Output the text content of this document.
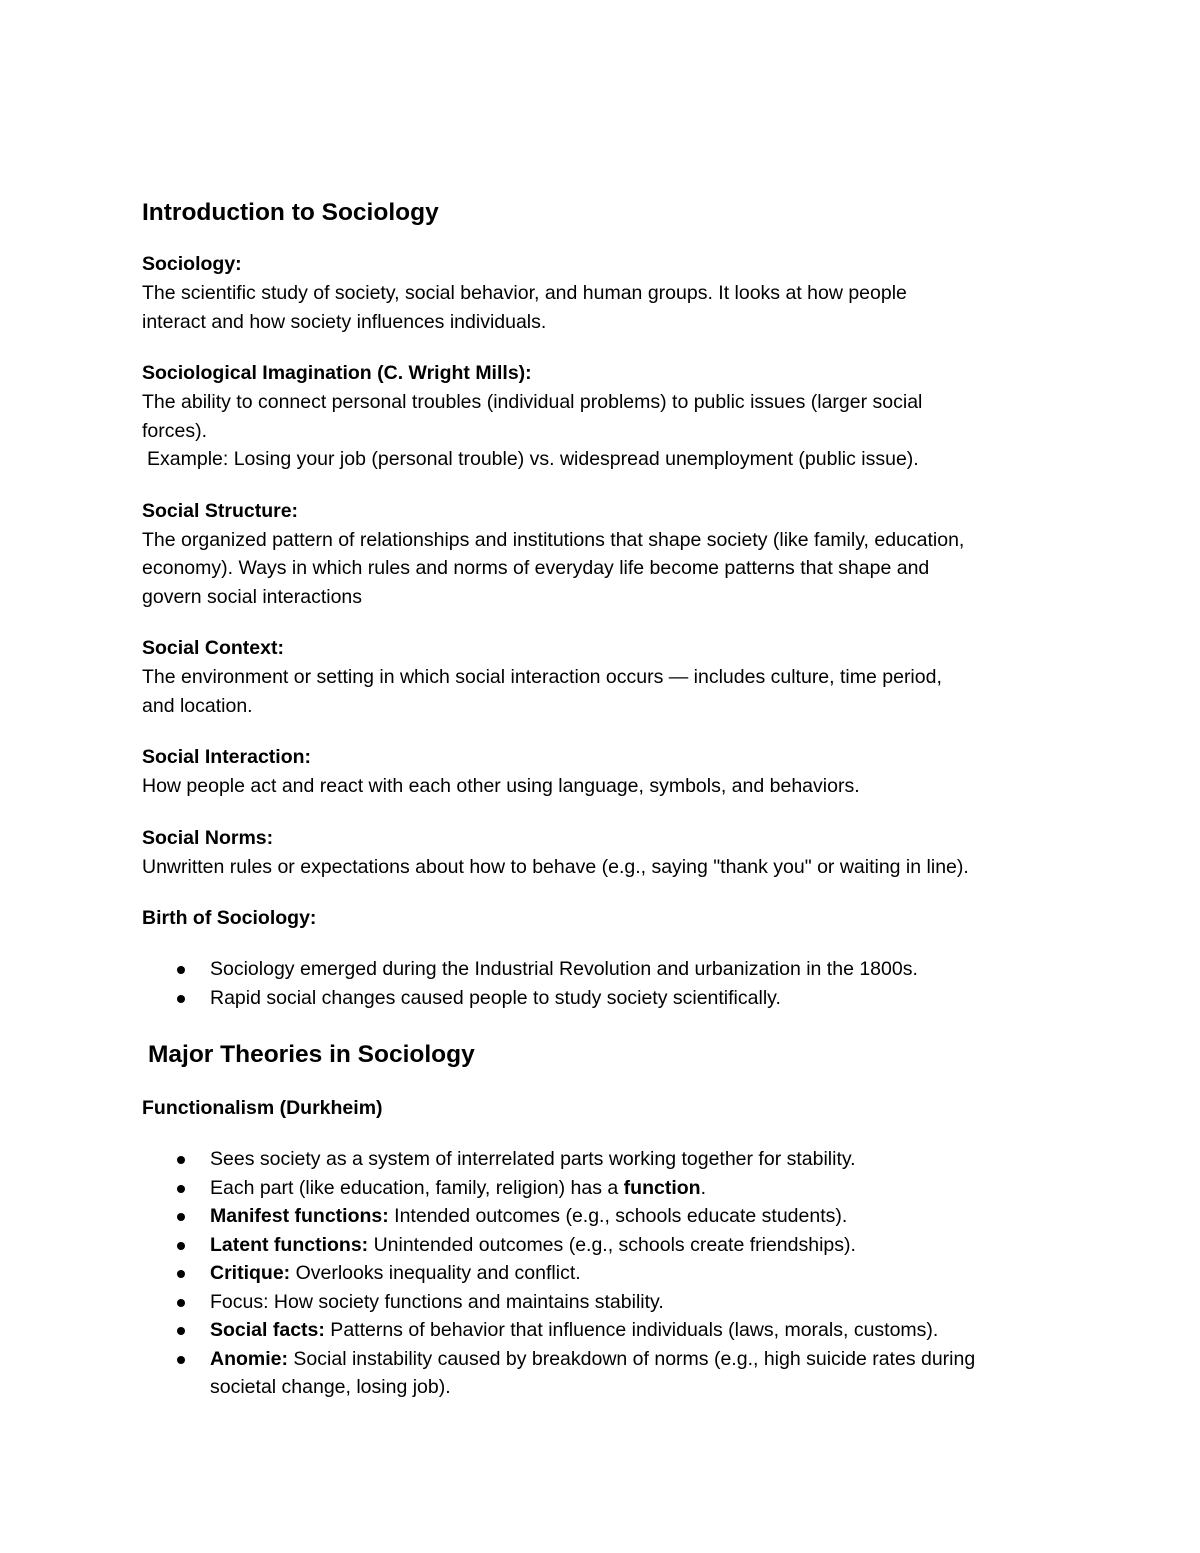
Introduction to Sociology
Sociology:
The scientific study of society, social behavior, and human groups. It looks at how people
interact and how society influences individuals.
Sociological Imagination (C. Wright Mills):
The ability to connect personal troubles (individual problems) to public issues (larger social
forces).
Example: Losing your job (personal trouble) vs. widespread unemployment (public issue).
Social Structure:
The organized pattern of relationships and institutions that shape society (like family, education,
economy). Ways in which rules and norms of everyday life become patterns that shape and
govern social interactions
Social Context:
The environment or setting in which social interaction occurs — includes culture, time period,
and location.
Social Interaction:
How people act and react with each other using language, symbols, and behaviors.
Social Norms:
Unwritten rules or expectations about how to behave (e.g., saying "thank you" or waiting in line).
Birth of Sociology:
Sociology emerged during the Industrial Revolution and urbanization in the 1800s.
Rapid social changes caused people to study society scientifically.
Major Theories in Sociology
Functionalism (Durkheim)
Sees society as a system of interrelated parts working together for stability.
Each part (like education, family, religion) has a function.
Manifest functions: Intended outcomes (e.g., schools educate students).
Latent functions: Unintended outcomes (e.g., schools create friendships).
Critique: Overlooks inequality and conflict.
Focus: How society functions and maintains stability.
Social facts: Patterns of behavior that influence individuals (laws, morals, customs).
Anomie: Social instability caused by breakdown of norms (e.g., high suicide rates during
societal change, losing job).
